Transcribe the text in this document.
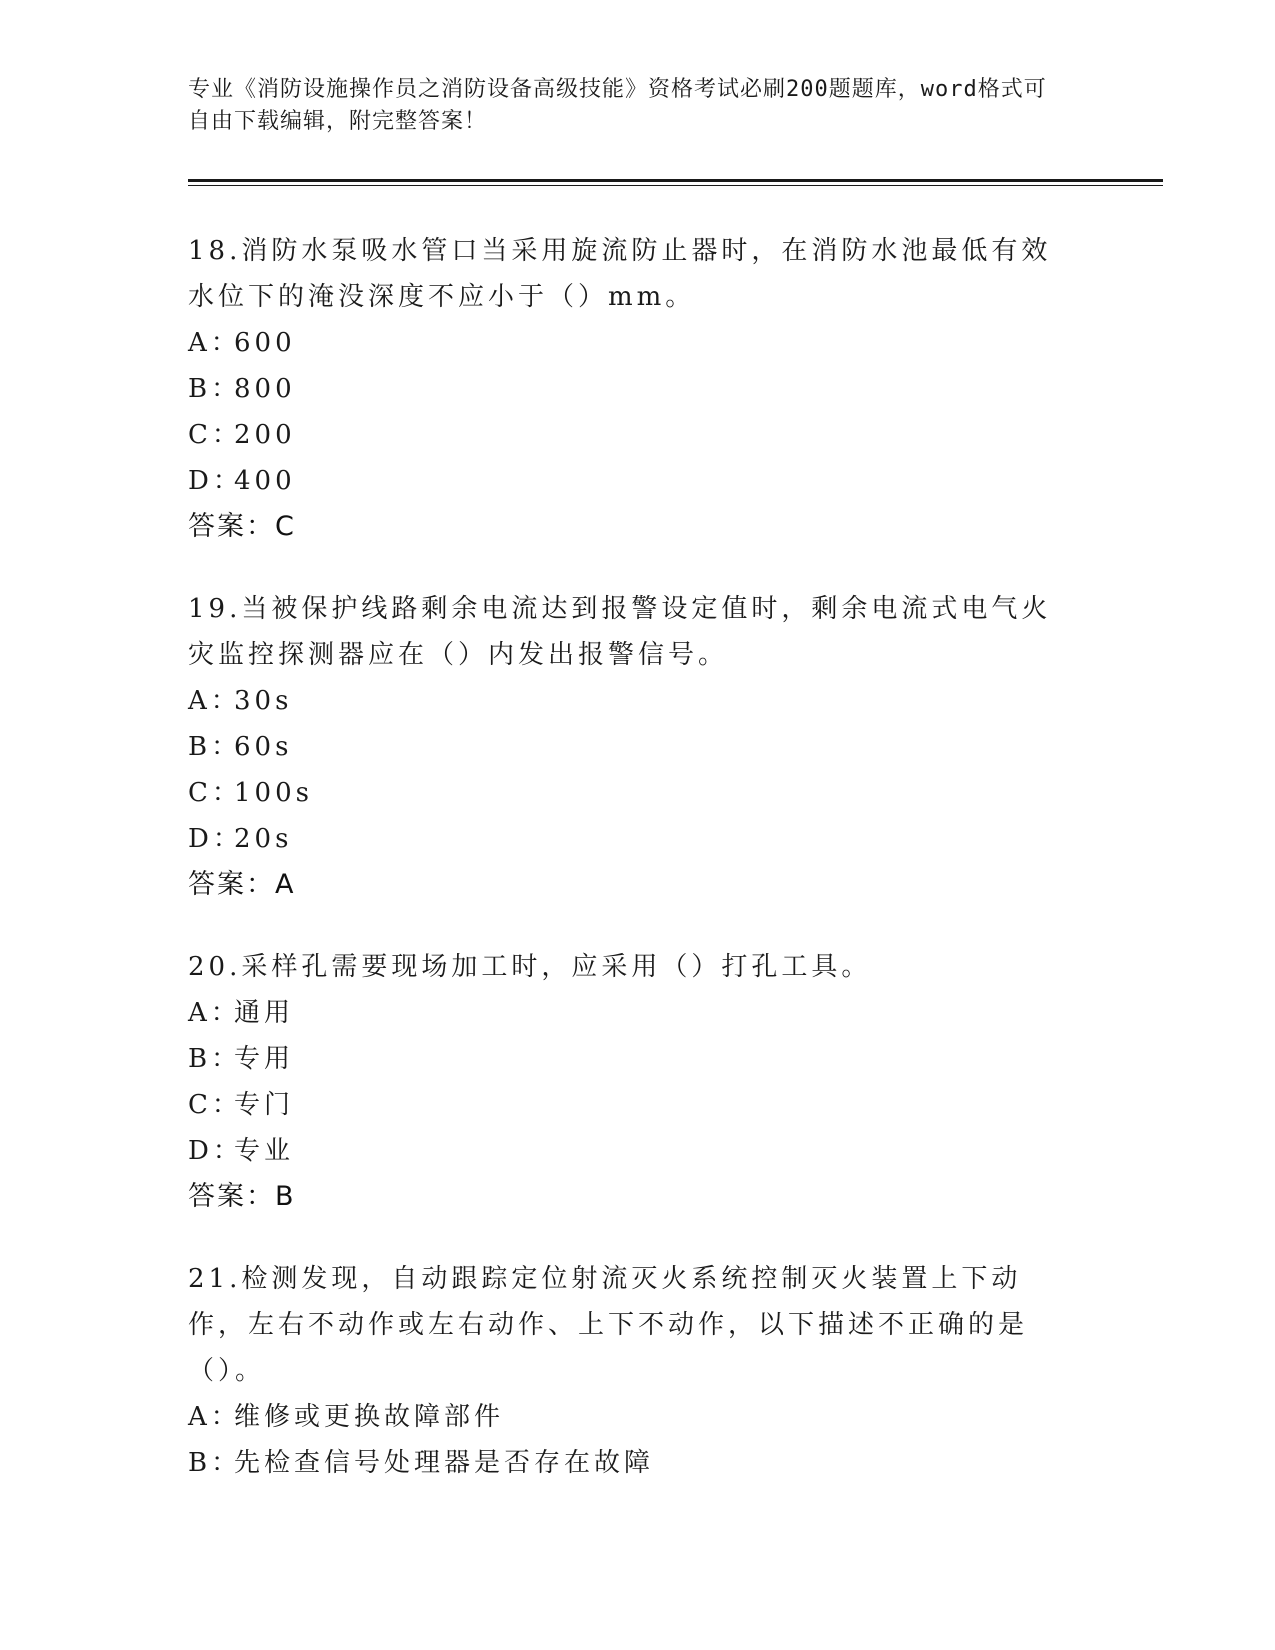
专业《消防设施操作员之消防设备高级技能》资格考试必刷200题题库，word格式可自由下载编辑，附完整答案！

18.消防水泵吸水管口当采用旋流防止器时，在消防水池最低有效水位下的淹没深度不应小于（）mm。

A：600
B：800
C：200
D：400
答案：C

19.当被保护线路剩余电流达到报警设定值时，剩余电流式电气火灾监控探测器应在（）内发出报警信号。

A：30s
B：60s
C：100s
D：20s
答案：A

20.采样孔需要现场加工时，应采用（）打孔工具。

A：通用
B：专用
C：专门
D：专业
答案：B

21.检测发现，自动跟踪定位射流灭火系统控制灭火装置上下动作，左右不动作或左右动作、上下不动作，以下描述不正确的是（）。

A：维修或更换故障部件
B：先检查信号处理器是否存在故障
